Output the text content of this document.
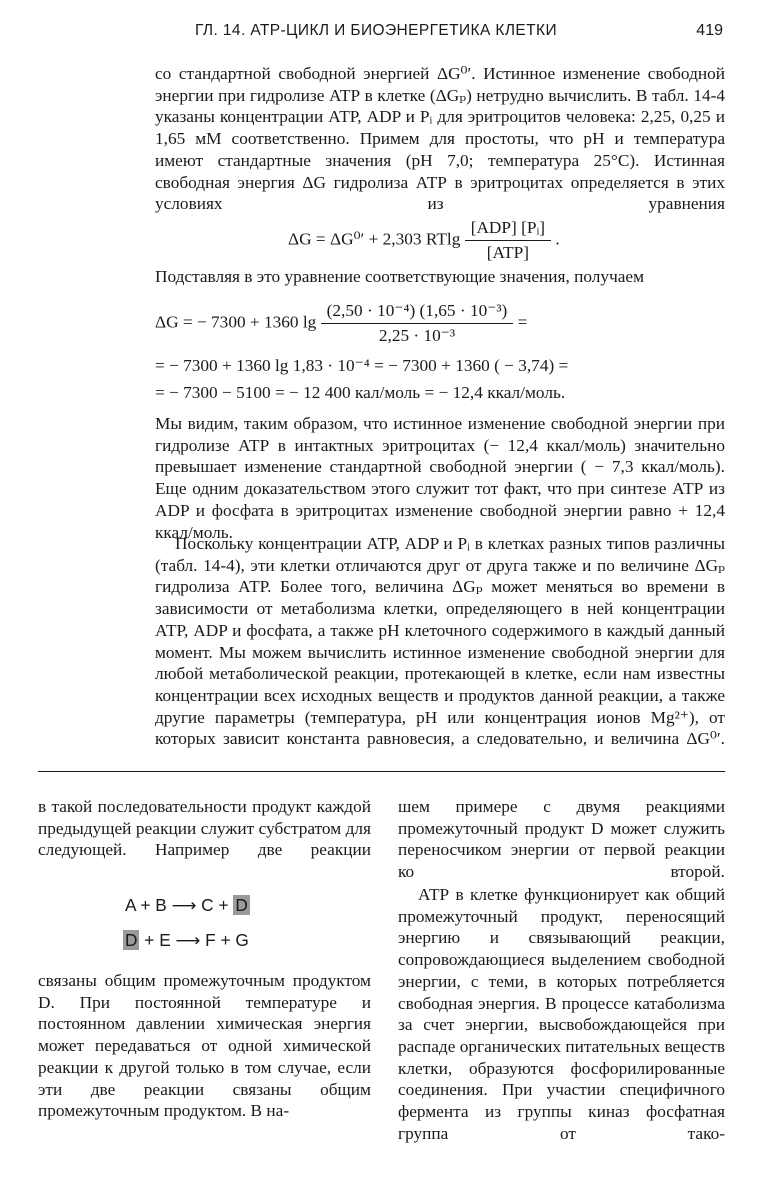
ГЛ. 14. АТР-ЦИКЛ И БИОЭНЕРГЕТИКА КЛЕТКИ	419

со стандартной свободной энергией ΔG⁰′. Истинное изменение свободной энергии при гидролизе АТР в клетке (ΔGₚ) нетрудно вычислить. В табл. 14-4 указаны концентрации АТР, ADP и Pᵢ для эритроцитов человека: 2,25, 0,25 и 1,65 мМ соответственно. Примем для простоты, что pH и температура имеют стандартные значения (pH 7,0; температура 25°С). Истинная свободная энергия ΔG гидролиза АТР в эритроцитах определяется в этих условиях из уравнения

ΔG = ΔG⁰′ + 2,303 RTlg $\frac{\text{[ADP] [Pᵢ]}}{\text{[ATP]}}$ .

Подставляя в это уравнение соответствующие значения, получаем

ΔG = − 7300 + 1360 $\lg \frac{\text{(2,50 · 10⁻⁴) (1,65 · 10⁻³)}}{\text{2,25 · 10⁻³}}$ =
= − 7300 + 1360 lg 1,83 · 10⁻⁴ = − 7300 + 1360 ( − 3,74) =
= − 7300 − 5100 = − 12 400 кал/моль = − 12,4 ккал/моль.

Мы видим, таким образом, что истинное изменение свободной энергии при гидролизе АТР в интактных эритроцитах (− 12,4 ккал/моль) значительно превышает изменение стандартной свободной энергии ( − 7,3 ккал/моль). Еще одним доказательством этого служит тот факт, что при синтезе АТР из ADP и фосфата в эритроцитах изменение свободной энергии равно + 12,4 ккал/моль.

Поскольку концентрации АТР, ADP и Pᵢ в клетках разных типов различны (табл. 14-4), эти клетки отличаются друг от друга также и по величине ΔGₚ гидролиза АТР. Более того, величина ΔGₚ может меняться во времени в зависимости от метаболизма клетки, определяющего в ней концентрации АТР, ADP и фосфата, а также pH клеточного содержимого в каждый данный момент. Мы можем вычислить истинное изменение свободной энергии для любой метаболической реакции, протекающей в клетке, если нам известны концентрации всех исходных веществ и продуктов данной реакции, а также другие параметры (температура, pH или концентрация ионов Mg²⁺), от которых зависит константа равновесия, а следовательно, и величина ΔG⁰′.

в такой последовательности продукт каждой предыдущей реакции служит субстратом для следующей. Например две реакции

A + B ⟶ C + D
D + E ⟶ F + G

связаны общим промежуточным продуктом D. При постоянной температуре и постоянном давлении химическая энергия может передаваться от одной химической реакции к другой только в том случае, если эти две реакции связаны общим промежуточным продуктом. В на-

шем примере с двумя реакциями промежуточный продукт D может служить переносчиком энергии от первой реакции ко второй.

АТР в клетке функционирует как общий промежуточный продукт, переносящий энергию и связывающий реакции, сопровождающиеся выделением свободной энергии, с теми, в которых потребляется свободная энергия. В процессе катаболизма за счет энергии, высвобождающейся при распаде органических питательных веществ клетки, образуются фосфорилированные соединения. При участии специфичного фермента из группы киназ фосфатная группа от тако-
